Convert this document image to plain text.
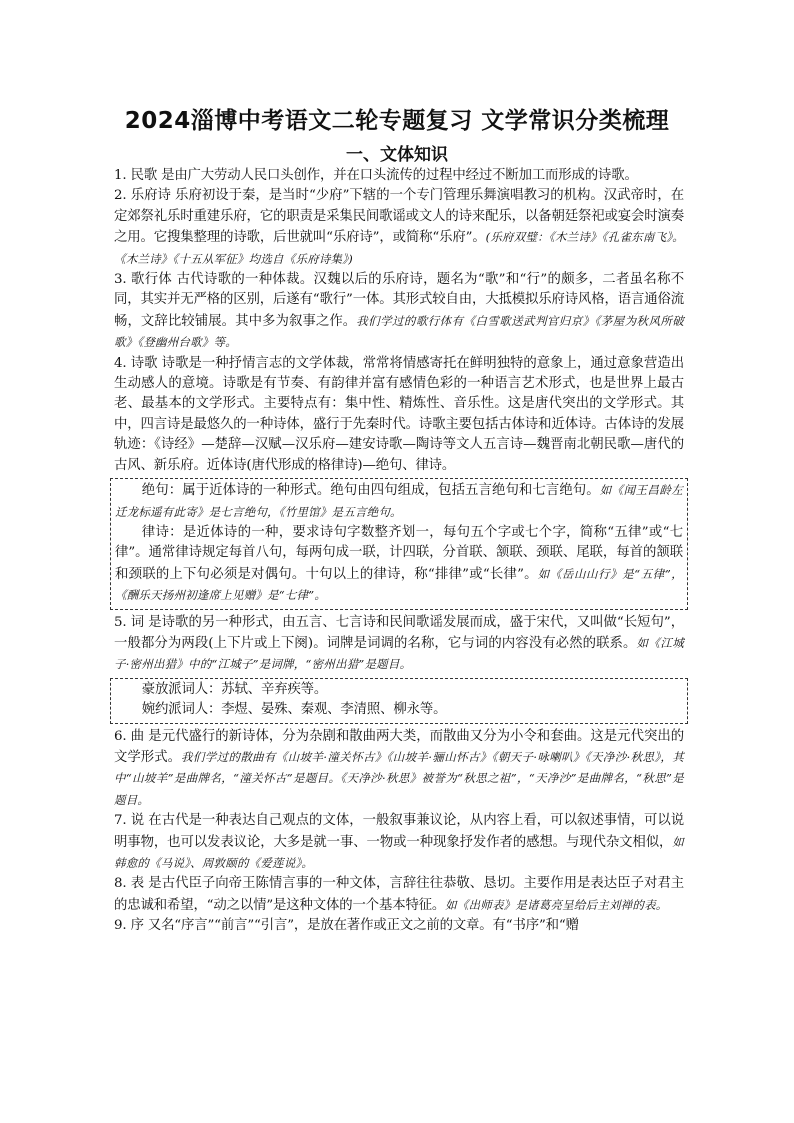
2024淄博中考语文二轮专题复习 文学常识分类梳理
一、文体知识

1. 民歌 是由广大劳动人民口头创作，并在口头流传的过程中经过不断加工而形成的诗歌。

2. 乐府诗 乐府初设于秦，是当时“少府”下辖的一个专门管理乐舞演唱教习的机构。汉武帝时，在定郊祭礼乐时重建乐府，它的职责是采集民间歌谣或文人的诗来配乐，以备朝廷祭祀或宴会时演奏之用。它搜集整理的诗歌，后世就叫“乐府诗”，或简称“乐府”。(乐府双璧：《木兰诗》《孔雀东南飞》。《木兰诗》《十五从军征》均选自《乐府诗集》)

3. 歌行体 古代诗歌的一种体裁。汉魏以后的乐府诗，题名为“歌”和“行”的颇多，二者虽名称不同，其实并无严格的区别，后遂有“歌行”一体。其形式较自由，大抵模拟乐府诗风格，语言通俗流畅，文辞比较铺展。其中多为叙事之作。我们学过的歌行体有《白雪歌送武判官归京》《茅屋为秋风所破歌》《登幽州台歌》等。

4. 诗歌 诗歌是一种抒情言志的文学体裁，常常将情感寄托在鲜明独特的意象上，通过意象营造出生动感人的意境。诗歌是有节奏、有韵律并富有感情色彩的一种语言艺术形式，也是世界上最古老、最基本的文学形式。主要特点有：集中性、精炼性、音乐性。这是唐代突出的文学形式。其中，四言诗是最悠久的一种诗体，盛行于先秦时代。诗歌主要包括古体诗和近体诗。古体诗的发展轨迹：《诗经》—楚辞—汉赋—汉乐府—建安诗歌—陶诗等文人五言诗—魏晋南北朝民歌—唐代的古风、新乐府。近体诗(唐代形成的格律诗)—绝句、律诗。

绝句：属于近体诗的一种形式。绝句由四句组成，包括五言绝句和七言绝句。如《闻王昌龄左迁龙标遥有此寄》是七言绝句，《竹里馆》是五言绝句。

律诗：是近体诗的一种，要求诗句字数整齐划一，每句五个字或七个字，简称“五律”或“七律”。通常律诗规定每首八句，每两句成一联，计四联，分首联、颔联、颈联、尾联，每首的颔联和颈联的上下句必须是对偶句。十句以上的律诗，称“排律”或“长律”。如《岳山山行》是“五律”，《酬乐天扬州初逢席上见赠》是“七律”。

5. 词 是诗歌的另一种形式，由五言、七言诗和民间歌谣发展而成，盛于宋代，又叫做“长短句”，一般都分为两段(上下片或上下阕)。词牌是词调的名称，它与词的内容没有必然的联系。如《江城子·密州出猎》中的“江城子”是词牌，“密州出猎”是题目。

豪放派词人：苏轼、辛弃疾等。

婉约派词人：李煜、晏殊、秦观、李清照、柳永等。

6. 曲 是元代盛行的新诗体，分为杂剧和散曲两大类，而散曲又分为小令和套曲。这是元代突出的文学形式。我们学过的散曲有《山坡羊·潼关怀古》《山坡羊·骊山怀古》《朝天子·咏喇叭》《天净沙·秋思》，其中“山坡羊”是曲牌名，“潼关怀古”是题目。《天净沙·秋思》被誉为“秋思之祖”，“天净沙”是曲牌名，“秋思”是题目。

7. 说 在古代是一种表达自己观点的文体，一般叙事兼议论，从内容上看，可以叙述事情，可以说明事物，也可以发表议论，大多是就一事、一物或一种现象抒发作者的感想。与现代杂文相似，如韩愈的《马说》、周敦颐的《爱莲说》。

8. 表 是古代臣子向帝王陈情言事的一种文体，言辞往往恭敬、恳切。主要作用是表达臣子对君主的忠诚和希望，“动之以情”是这种文体的一个基本特征。如《出师表》是诸葛亮呈给后主刘禅的表。

9. 序 又名“序言”“前言”“引言”，是放在著作或正文之前的文章。有“书序”和“赠
